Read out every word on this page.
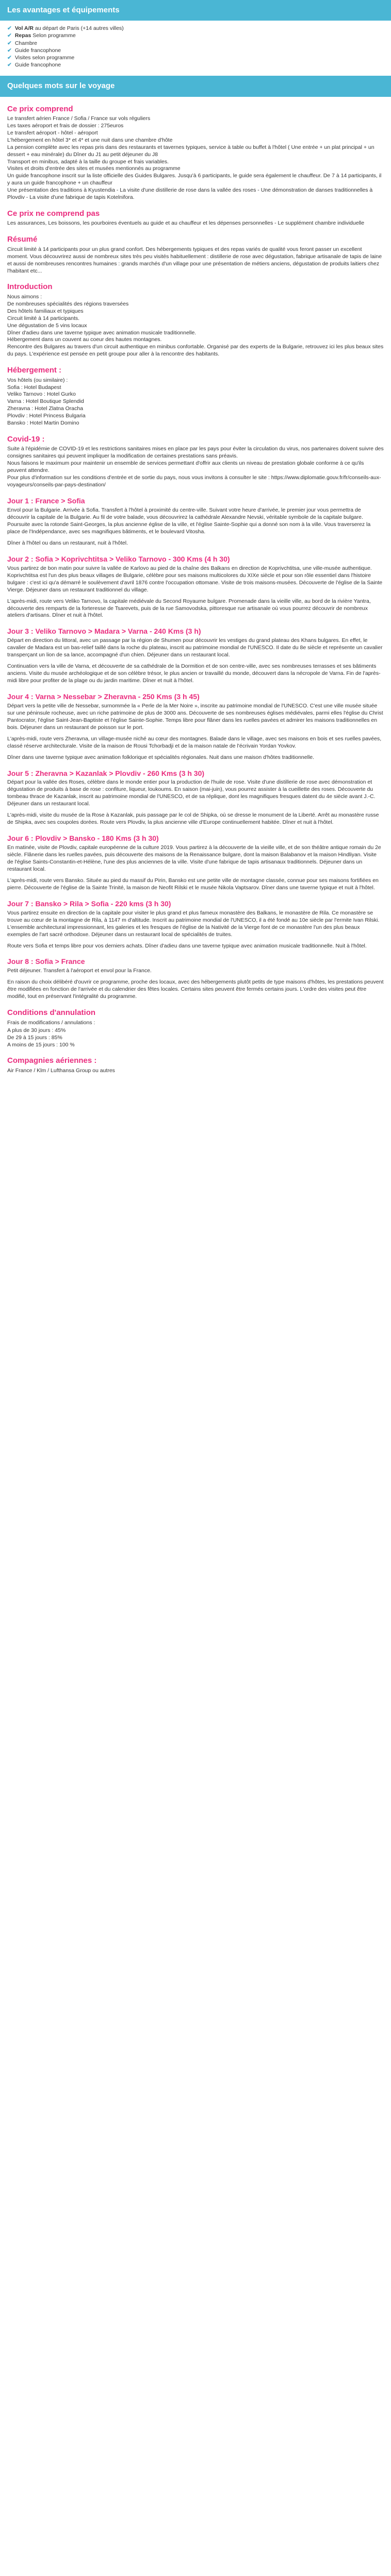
Les avantages et équipements
✔ Vol A/R au départ de Paris (+14 autres villes)
✔ Repas Selon programme
✔ Chambre
✔ Guide francophone
✔ Visites selon programme
✔ Guide francophone
Quelques mots sur le voyage
Ce prix comprend

Le transfert aérien France / Sofia / France sur vols réguliers

Les taxes aéroport et frais de dossier : 275euros

Le transfert aéroport - hôtel - aéroport

L'hébergement en hôtel 3* et 4* et une nuit dans une chambre d'hôte

La pension complète avec les repas pris dans des restaurants et tavernes typiques, service à table ou buffet à l'hôtel ( Une entrée + un plat principal + un dessert + eau minérale) du Dîner du J1 au petit déjeuner du J8

Transport en minibus, adapté à la taille du groupe et frais variables.

Visites et droits d'entrée des sites et musées mentionnés au programme

Un guide francophone inscrit sur la liste officielle des Guides Bulgares. Jusqu'à 6 participants, le guide sera également le chauffeur. De 7 à 14 participants, il y aura un guide francophone + un chauffeur

Une présentation des traditions à Kyustendia - La visite d'une distillerie de rose dans la vallée des roses - Une démonstration de danses traditionnelles à Plovdiv - La visite d'une fabrique de tapis Kotelnifora.

Ce prix ne comprend pas

Les assurances, Les boissons, les pourboires éventuels au guide et au chauffeur et les dépenses personnelles - Le supplément chambre individuelle

Résumé

Circuit limité à 14 participants pour un plus grand confort. Des hébergements typiques et des repas variés de qualité vous feront passer un excellent moment. Vous découvrirez aussi de nombreux sites très peu visités habituellement : distillerie de rose avec dégustation, fabrique artisanale de tapis de laine et aussi de nombreuses rencontres humaines : grands marchés d'un village pour une présentation de métiers anciens, dégustation de produits laitiers chez l'habitant etc...

Introduction

Nous aimons :

De nombreuses spécialités des régions traversées

Des hôtels familiaux et typiques

Circuit limité à 14 participants.

Une dégustation de 5 vins locaux

Dîner d'adieu dans une taverne typique avec animation musicale traditionnelle.

Hébergement dans un couvent au coeur des hautes montagnes.

Rencontre des Bulgares au travers d'un circuit authentique en minibus confortable. Organisé par des experts de la Bulgarie, retrouvez ici les plus beaux sites du pays. L'expérience est pensée en petit groupe pour aller à la rencontre des habitants.

Hébergement :

Vos hôtels (ou similaire) :

Sofia : Hotel Budapest

Veliko Tarnovo : Hotel Gurko

Varna : Hotel Boutique Splendid

Zheravna : Hotel Zlatna Oracha

Plovdiv : Hotel Princess Bulgaria

Bansko : Hotel Martin Domino

Covid-19 :

Suite à l'épidémie de COVID-19 et les restrictions sanitaires mises en place par les pays pour éviter la circulation du virus, nos partenaires doivent suivre des consignes sanitaires qui peuvent impliquer la modification de certaines prestations sans préavis.

Nous faisons le maximum pour maintenir un ensemble de services permettant d'offrir aux clients un niveau de prestation globale conforme à ce qu'ils peuvent attendre.

Pour plus d'information sur les conditions d'entrée et de sortie du pays, nous vous invitons à consulter le site : https://www.diplomatie.gouv.fr/fr/conseils-aux-voyageurs/conseils-par-pays-destination/

Jour 1 : France > Sofia

Envol pour la Bulgarie. Arrivée à Sofia. Transfert à l'hôtel à proximité du centre-ville. Suivant votre heure d'arrivée, le premier jour vous permettra de découvrir la capitale de la Bulgarie. Au fil de votre balade, vous découvrirez la cathédrale Alexandre Nevski, véritable symbole de la capitale bulgare. Poursuite avec la rotonde Saint-Georges, la plus ancienne église de la ville, et l'église Sainte-Sophie qui a donné son nom à la ville. Vous traverserez la place de l'Indépendance, avec ses magnifiques bâtiments, et le boulevard Vitosha.

Dîner à l'hôtel ou dans un restaurant, nuit à l'hôtel.

Jour 2 : Sofia > Koprivchtitsa > Veliko Tarnovo - 300 Kms (4 h 30)

Vous partirez de bon matin pour suivre la vallée de Karlovo au pied de la chaîne des Balkans en direction de Koprivchtitsa, une ville-musée authentique. Koprivchtitsa est l'un des plus beaux villages de Bulgarie, célèbre pour ses maisons multicolores du XIXe siècle et pour son rôle essentiel dans l'histoire bulgare : c'est ici qu'a démarré le soulèvement d'avril 1876 contre l'occupation ottomane. Visite de trois maisons-musées. Découverte de l'église de la Sainte Vierge. Déjeuner dans un restaurant traditionnel du village.

L'après-midi, route vers Veliko Tarnovo, la capitale médiévale du Second Royaume bulgare. Promenade dans la vieille ville, au bord de la rivière Yantra, découverte des remparts de la forteresse de Tsarevets, puis de la rue Samovodska, pittoresque rue artisanale où vous pourrez découvrir de nombreux ateliers d'artisans. Dîner et nuit à l'hôtel.

Jour 3 : Veliko Tarnovo > Madara > Varna - 240 Kms (3 h)

Départ en direction du littoral, avec un passage par la région de Shumen pour découvrir les vestiges du grand plateau des Khans bulgares. En effet, le cavalier de Madara est un bas-relief taillé dans la roche du plateau, inscrit au patrimoine mondial de l'UNESCO. Il date du 8e siècle et représente un cavalier transperçant un lion de sa lance, accompagné d'un chien. Déjeuner dans un restaurant local.

Continuation vers la ville de Varna, et découverte de sa cathédrale de la Dormition et de son centre-ville, avec ses nombreuses terrasses et ses bâtiments anciens. Visite du musée archéologique et de son célèbre trésor, le plus ancien or travaillé du monde, découvert dans la nécropole de Varna. Fin de l'après-midi libre pour profiter de la plage ou du jardin maritime. Dîner et nuit à l'hôtel.

Jour 4 : Varna > Nessebar > Zheravna - 250 Kms (3 h 45)

Départ vers la petite ville de Nessebar, surnommée la « Perle de la Mer Noire », inscrite au patrimoine mondial de l'UNESCO. C'est une ville musée située sur une péninsule rocheuse, avec un riche patrimoine de plus de 3000 ans. Découverte de ses nombreuses églises médiévales, parmi elles l'église du Christ Pantocrator, l'église Saint-Jean-Baptiste et l'église Sainte-Sophie. Temps libre pour flâner dans les ruelles pavées et admirer les maisons traditionnelles en bois. Déjeuner dans un restaurant de poisson sur le port.

L'après-midi, route vers Zheravna, un village-musée niché au cœur des montagnes. Balade dans le village, avec ses maisons en bois et ses ruelles pavées, classé réserve architecturale. Visite de la maison de Rousi Tchorbadji et de la maison natale de l'écrivain Yordan Yovkov.

Dîner dans une taverne typique avec animation folklorique et spécialités régionales. Nuit dans une maison d'hôtes traditionnelle.

Jour 5 : Zheravna > Kazanlak > Plovdiv - 260 Kms (3 h 30)

Départ pour la vallée des Roses, célèbre dans le monde entier pour la production de l'huile de rose. Visite d'une distillerie de rose avec démonstration et dégustation de produits à base de rose : confiture, liqueur, loukoums. En saison (mai-juin), vous pourrez assister à la cueillette des roses. Découverte du tombeau thrace de Kazanlak, inscrit au patrimoine mondial de l'UNESCO, et de sa réplique, dont les magnifiques fresques datent du 4e siècle avant J.-C. Déjeuner dans un restaurant local.

L'après-midi, visite du musée de la Rose à Kazanlak, puis passage par le col de Shipka, où se dresse le monument de la Liberté. Arrêt au monastère russe de Shipka, avec ses coupoles dorées. Route vers Plovdiv, la plus ancienne ville d'Europe continuellement habitée. Dîner et nuit à l'hôtel.

Jour 6 : Plovdiv > Bansko - 180 Kms (3 h 30)

En matinée, visite de Plovdiv, capitale européenne de la culture 2019. Vous partirez à la découverte de la vieille ville, et de son théâtre antique romain du 2e siècle. Flânerie dans les ruelles pavées, puis découverte des maisons de la Renaissance bulgare, dont la maison Balabanov et la maison Hindliyan. Visite de l'église Saints-Constantin-et-Hélène, l'une des plus anciennes de la ville. Visite d'une fabrique de tapis artisanaux traditionnels. Déjeuner dans un restaurant local.

L'après-midi, route vers Bansko. Située au pied du massif du Pirin, Bansko est une petite ville de montagne classée, connue pour ses maisons fortifiées en pierre. Découverte de l'église de la Sainte Trinité, la maison de Neofit Rilski et le musée Nikola Vaptsarov. Dîner dans une taverne typique et nuit à l'hôtel.

Jour 7 : Bansko > Rila > Sofia - 220 kms (3 h 30)

Vous partirez ensuite en direction de la capitale pour visiter le plus grand et plus fameux monastère des Balkans, le monastère de Rila. Ce monastère se trouve au cœur de la montagne de Rila, à 1147 m d'altitude. Inscrit au patrimoine mondial de l'UNESCO, il a été fondé au 10e siècle par l'ermite Ivan Rilski. L'ensemble architectural impressionnant, les galeries et les fresques de l'église de la Nativité de la Vierge font de ce monastère l'un des plus beaux exemples de l'art sacré orthodoxe. Déjeuner dans un restaurant local de spécialités de truites.

Route vers Sofia et temps libre pour vos derniers achats. Dîner d'adieu dans une taverne typique avec animation musicale traditionnelle. Nuit à l'hôtel.

Jour 8 : Sofia > France

Petit déjeuner. Transfert à l'aéroport et envol pour la France.

En raison du choix délibéré d'ouvrir ce programme, proche des locaux, avec des hébergements plutôt petits de type maisons d'hôtes, les prestations peuvent être modifiées en fonction de l'arrivée et du calendrier des fêtes locales. Certains sites peuvent être fermés certains jours. L'ordre des visites peut être modifié, tout en préservant l'intégralité du programme.

Conditions d'annulation

Frais de modifications / annulations :

A plus de 30 jours : 45%

De 29 à 15 jours : 85%

A moins de 15 jours : 100 %

Compagnies aériennes :

Air France / Klm / Lufthansa Group ou autres
